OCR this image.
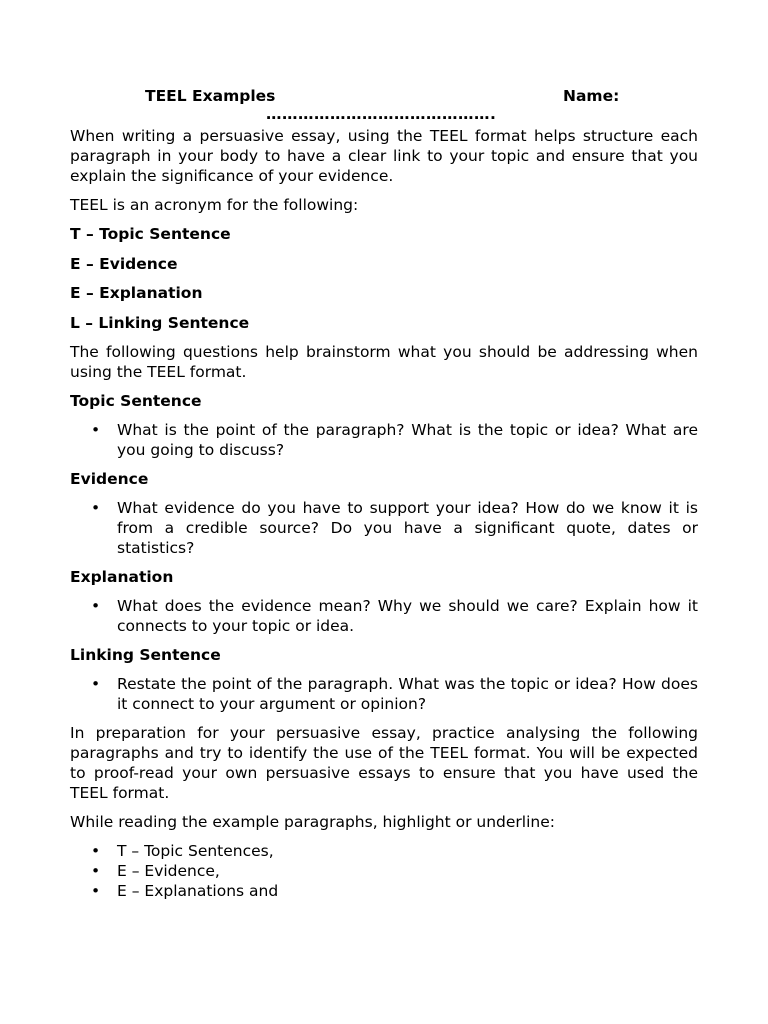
TEEL Examples	Name:
…………………………………….

When writing a persuasive essay, using the TEEL format helps structure each paragraph in your body to have a clear link to your topic and ensure that you explain the significance of your evidence.

TEEL is an acronym for the following:

T – Topic Sentence
E – Evidence
E – Explanation
L – Linking Sentence

The following questions help brainstorm what you should be addressing when using the TEEL format.

Topic Sentence
• What is the point of the paragraph? What is the topic or idea? What are you going to discuss?
Evidence
• What evidence do you have to support your idea? How do we know it is from a credible source? Do you have a significant quote, dates or statistics?
Explanation
• What does the evidence mean? Why we should we care? Explain how it connects to your topic or idea.
Linking Sentence
• Restate the point of the paragraph. What was the topic or idea? How does it connect to your argument or opinion?

In preparation for your persuasive essay, practice analysing the following paragraphs and try to identify the use of the TEEL format. You will be expected to proof-read your own persuasive essays to ensure that you have used the TEEL format.

While reading the example paragraphs, highlight or underline:

• T – Topic Sentences,
• E – Evidence,
• E – Explanations and
